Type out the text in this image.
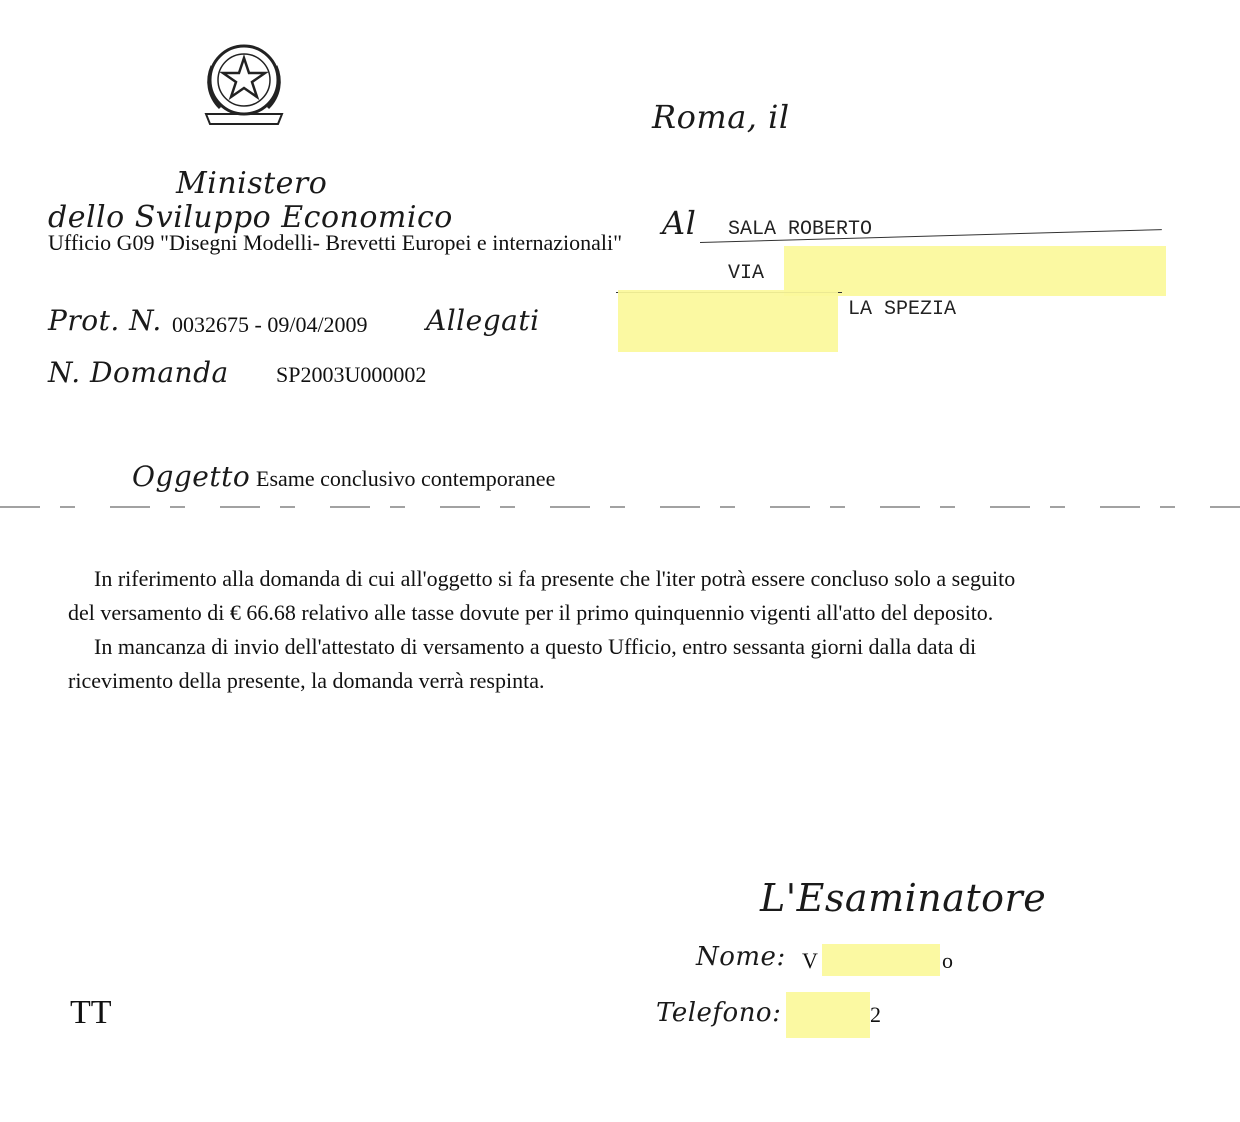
Roma, il
Ministero
dello Sviluppo Economico
Ufficio G09 "Disegni Modelli- Brevetti Europei e internazionali"
Al SALA ROBERTO
VIA
LA SPEZIA
Prot. N. 0032675 - 09/04/2009 Allegati
N. Domanda SP2003U000002
Oggetto Esame conclusivo contemporanee
In riferimento alla domanda di cui all'oggetto si fa presente che l'iter potrà essere concluso solo a seguito
del versamento di € 66.68 relativo alle tasse dovute per il primo quinquennio vigenti all'atto del deposito.
In mancanza di invio dell'attestato di versamento a questo Ufficio, entro sessanta giorni dalla data di
ricevimento della presente, la domanda verrà respinta.
L'Esaminatore
Nome: V	o
Telefono:	2
TT
